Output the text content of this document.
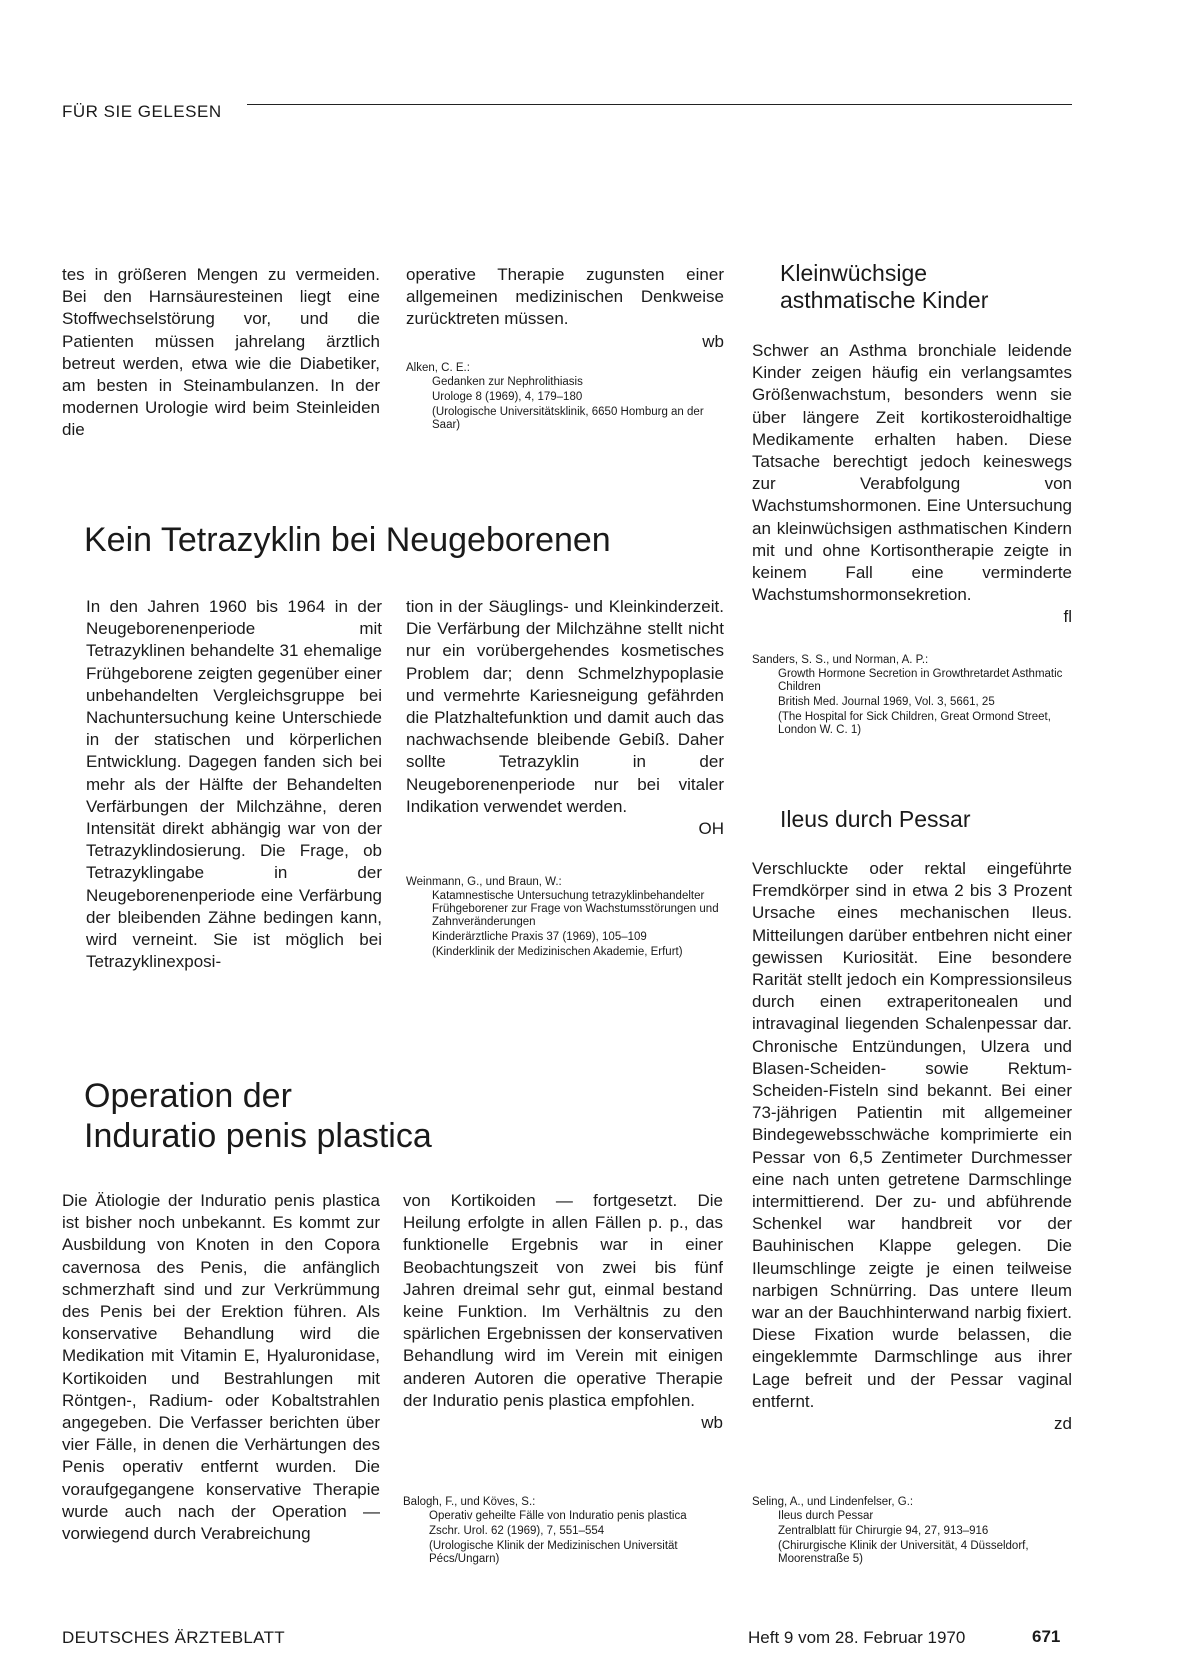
FÜR SIE GELESEN

tes in größeren Mengen zu vermeiden. Bei den Harnsäuresteinen liegt eine Stoffwechselstörung vor, und die Patienten müssen jahrelang ärztlich betreut werden, etwa wie die Diabetiker, am besten in Steinambulanzen. In der modernen Urologie wird beim Steinleiden die

operative Therapie zugunsten einer allgemeinen medizinischen Denkweise zurücktreten müssen.

wb

Alken, C. E.:

Gedanken zur Nephrolithiasis

Urologe 8 (1969), 4, 179–180

(Urologische Universitätsklinik, 6650 Homburg an der Saar)

Kein Tetrazyklin bei Neugeborenen

In den Jahren 1960 bis 1964 in der Neugeborenenperiode mit Tetrazyklinen behandelte 31 ehemalige Frühgeborene zeigten gegenüber einer unbehandelten Vergleichsgruppe bei Nachuntersuchung keine Unterschiede in der statischen und körperlichen Entwicklung. Dagegen fanden sich bei mehr als der Hälfte der Behandelten Verfärbungen der Milchzähne, deren Intensität direkt abhängig war von der Tetrazyklindosierung. Die Frage, ob Tetrazyklingabe in der Neugeborenenperiode eine Verfärbung der bleibenden Zähne bedingen kann, wird verneint. Sie ist möglich bei Tetrazyklinexposi-

tion in der Säuglings- und Kleinkinderzeit. Die Verfärbung der Milchzähne stellt nicht nur ein vorübergehendes kosmetisches Problem dar; denn Schmelzhypoplasie und vermehrte Kariesneigung gefährden die Platzhaltefunktion und damit auch das nachwachsende bleibende Gebiß. Daher sollte Tetrazyklin in der Neugeborenenperiode nur bei vitaler Indikation verwendet werden.

OH

Weinmann, G., und Braun, W.:

Katamnestische Untersuchung tetrazyklinbehandelter Frühgeborener zur Frage von Wachstumsstörungen und Zahnveränderungen

Kinderärztliche Praxis 37 (1969), 105–109

(Kinderklinik der Medizinischen Akademie, Erfurt)

Operation der
Induratio penis plastica

Die Ätiologie der Induratio penis plastica ist bisher noch unbekannt. Es kommt zur Ausbildung von Knoten in den Copora cavernosa des Penis, die anfänglich schmerzhaft sind und zur Verkrümmung des Penis bei der Erektion führen. Als konservative Behandlung wird die Medikation mit Vitamin E, Hyaluronidase, Kortikoiden und Bestrahlungen mit Röntgen-, Radium- oder Kobaltstrahlen angegeben. Die Verfasser berichten über vier Fälle, in denen die Verhärtungen des Penis operativ entfernt wurden. Die voraufgegangene konservative Therapie wurde auch nach der Operation — vorwiegend durch Verabreichung

von Kortikoiden — fortgesetzt. Die Heilung erfolgte in allen Fällen p. p., das funktionelle Ergebnis war in einer Beobachtungszeit von zwei bis fünf Jahren dreimal sehr gut, einmal bestand keine Funktion. Im Verhältnis zu den spärlichen Ergebnissen der konservativen Behandlung wird im Verein mit einigen anderen Autoren die operative Therapie der Induratio penis plastica empfohlen.

wb

Balogh, F., und Köves, S.:

Operativ geheilte Fälle von Induratio penis plastica

Zschr. Urol. 62 (1969), 7, 551–554

(Urologische Klinik der Medizinischen Universität Pécs/Ungarn)

Kleinwüchsige
asthmatische Kinder

Schwer an Asthma bronchiale leidende Kinder zeigen häufig ein verlangsamtes Größenwachstum, besonders wenn sie über längere Zeit kortikosteroidhaltige Medikamente erhalten haben. Diese Tatsache berechtigt jedoch keineswegs zur Verabfolgung von Wachstumshormonen. Eine Untersuchung an kleinwüchsigen asthmatischen Kindern mit und ohne Kortisontherapie zeigte in keinem Fall eine verminderte Wachstumshormonsekretion.

fl

Sanders, S. S., und Norman, A. P.:

Growth Hormone Secretion in Growthretardet Asthmatic Children

British Med. Journal 1969, Vol. 3, 5661, 25

(The Hospital for Sick Children, Great Ormond Street, London W. C. 1)

Ileus durch Pessar

Verschluckte oder rektal eingeführte Fremdkörper sind in etwa 2 bis 3 Prozent Ursache eines mechanischen Ileus. Mitteilungen darüber entbehren nicht einer gewissen Kuriosität. Eine besondere Rarität stellt jedoch ein Kompressionsileus durch einen extraperitonealen und intravaginal liegenden Schalenpessar dar. Chronische Entzündungen, Ulzera und Blasen-Scheiden- sowie Rektum-Scheiden-Fisteln sind bekannt. Bei einer 73-jährigen Patientin mit allgemeiner Bindegewebsschwäche komprimierte ein Pessar von 6,5 Zentimeter Durchmesser eine nach unten getretene Darmschlinge intermittierend. Der zu- und abführende Schenkel war handbreit vor der Bauhinischen Klappe gelegen. Die Ileumschlinge zeigte je einen teilweise narbigen Schnürring. Das untere Ileum war an der Bauchhinterwand narbig fixiert. Diese Fixation wurde belassen, die eingeklemmte Darmschlinge aus ihrer Lage befreit und der Pessar vaginal entfernt.

zd

Seling, A., und Lindenfelser, G.:

Ileus durch Pessar

Zentralblatt für Chirurgie 94, 27, 913–916

(Chirurgische Klinik der Universität, 4 Düsseldorf, Moorenstraße 5)

DEUTSCHES ÄRZTEBLATT	Heft 9 vom 28. Februar 1970	671
